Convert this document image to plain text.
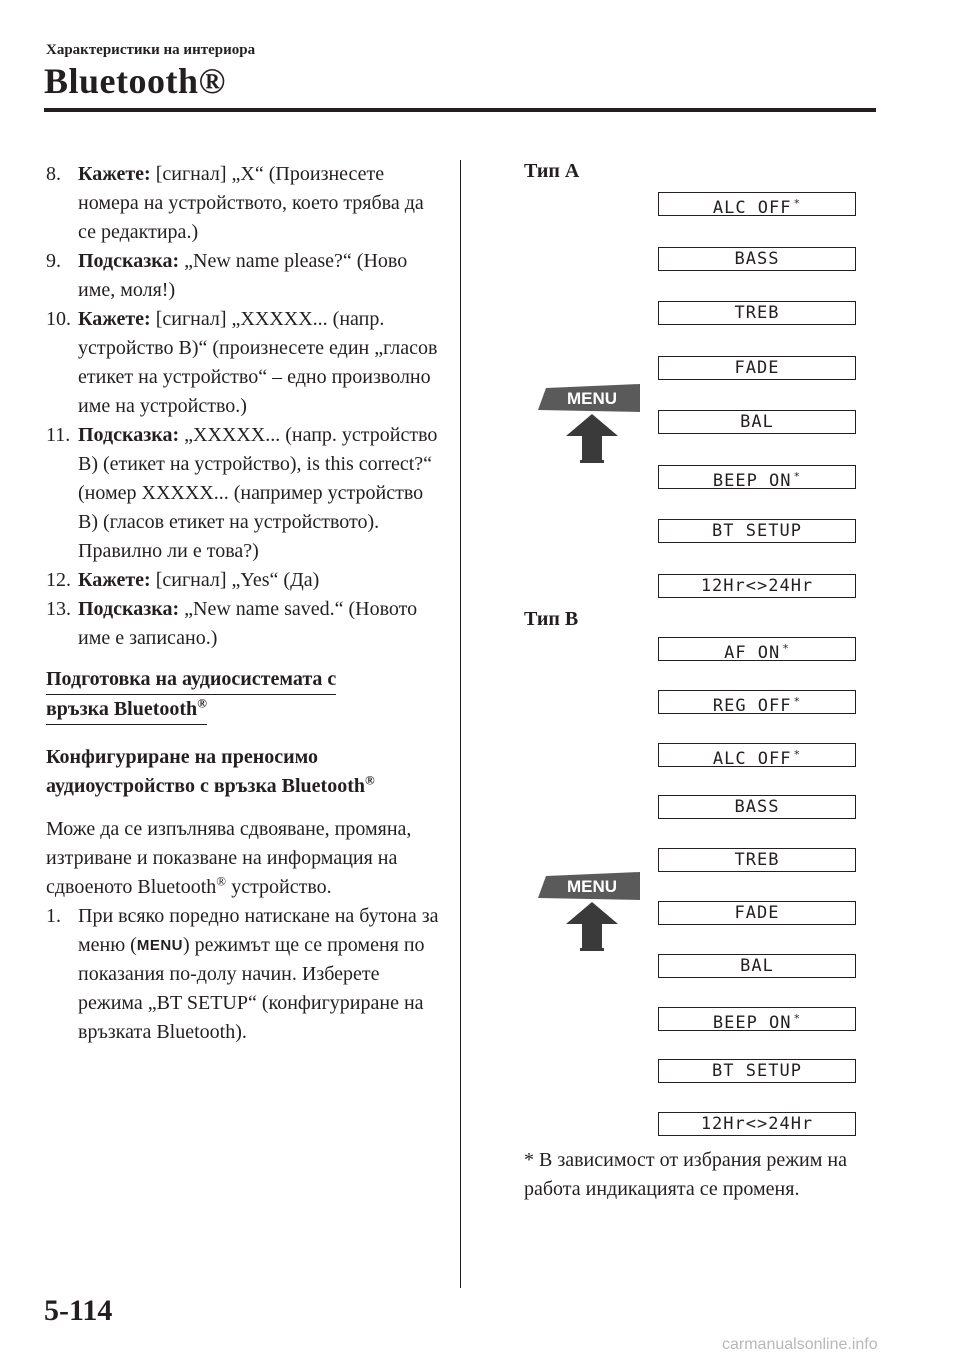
Характеристики на интериора
Bluetooth®
8. Кажете: [сигнал] „X“ (Произнесете номера на устройството, което трябва да се редактира.)
9. Подсказка: „New name please?“ (Ново име, моля!)
10. Кажете: [сигнал] „XXXXX... (напр. устройство B)“ (произнесете един „гласов етикет на устройство“ – едно произволно име на устройство.)
11. Подсказка: „XXXXX... (напр. устройство B) (етикет на устройство), is this correct?“ (номер XXXXX... (например устройство B) (гласов етикет на устройството). Правилно ли е това?)
12. Кажете: [сигнал] „Yes“ (Да)
13. Подсказка: „New name saved.“ (Новото име е записано.)
Подготовка на аудиосистемата с
връзка Bluetooth®
Конфигуриране на преносимо
аудиоустройство с връзка Bluetooth®
Може да се изпълнява сдвояване, промяна, изтриване и показване на информация на сдвоеното Bluetooth® устройство.
1. При всяко поредно натискане на бутона за меню (MENU) режимът ще се променя по показания по-долу начин. Изберете режима „BT SETUP“ (конфигуриране на връзката Bluetooth).
Тип A
ALC OFF *
BASS
TREB
FADE
BAL
BEEP ON *
BT SETUP
12Hr<>24Hr
MENU
Тип B
AF ON *
REG OFF *
ALC OFF *
BASS
TREB
FADE
BAL
BEEP ON *
BT SETUP
12Hr<>24Hr
MENU
* В зависимост от избрания режим на работа индикацията се променя.
5-114
carmanualsonline.info
